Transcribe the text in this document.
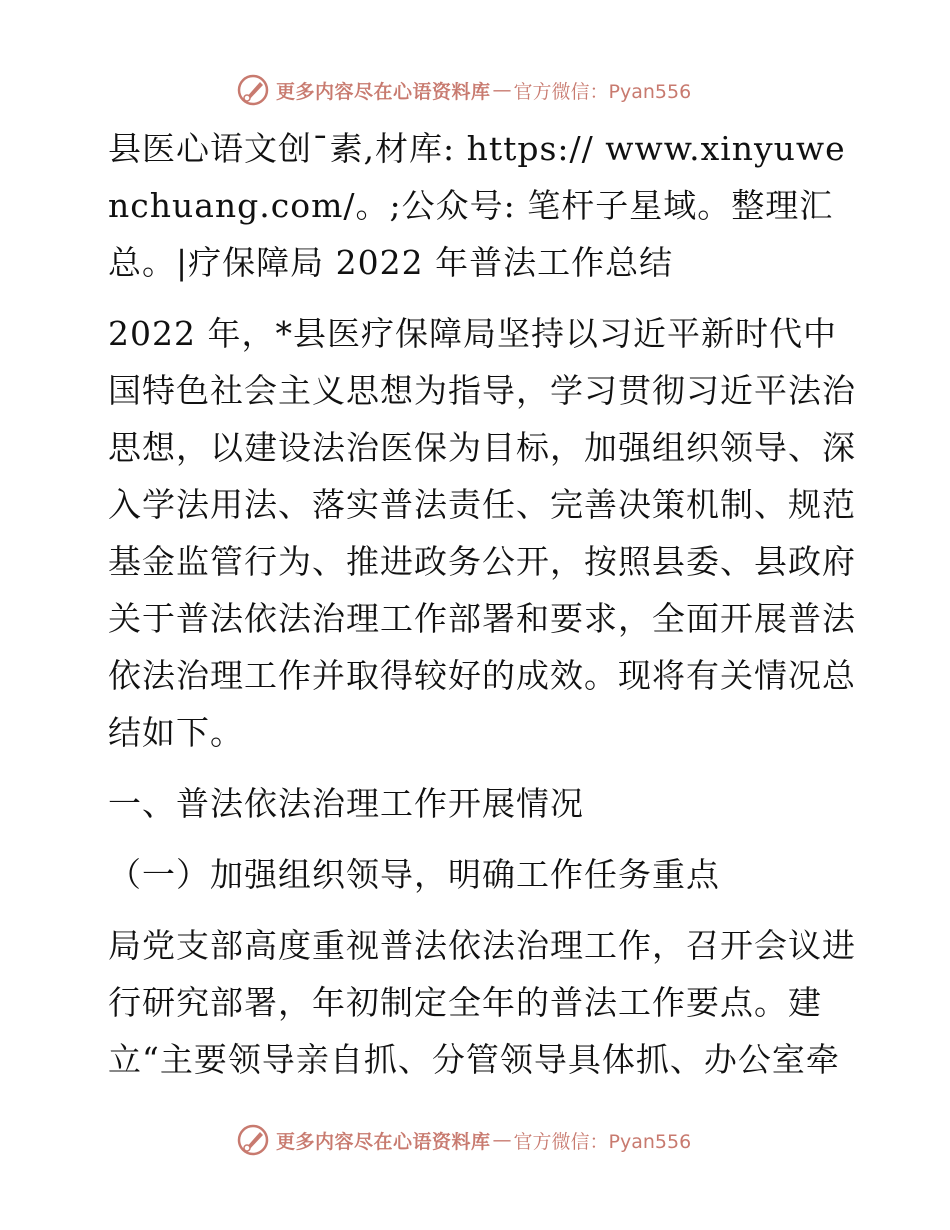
更多内容尽在心语资料库 — 官方微信：Pyan556

县医心语文创¯素,材库: https:// www.xinyuwenchuang.com/。;公众号: 笔杆子星域。整理汇总。|疗保障局 2022 年普法工作总结

2022 年，*县医疗保障局坚持以习近平新时代中国特色社会主义思想为指导，学习贯彻习近平法治思想，以建设法治医保为目标，加强组织领导、深入学法用法、落实普法责任、完善决策机制、规范基金监管行为、推进政务公开，按照县委、县政府关于普法依法治理工作部署和要求，全面开展普法依法治理工作并取得较好的成效。现将有关情况总结如下。

一、普法依法治理工作开展情况

（一）加强组织领导，明确工作任务重点

局党支部高度重视普法依法治理工作，召开会议进行研究部署，年初制定全年的普法工作要点。建立“主要领导亲自抓、分管领导具体抓、办公室牵

更多内容尽在心语资料库 — 官方微信：Pyan556
